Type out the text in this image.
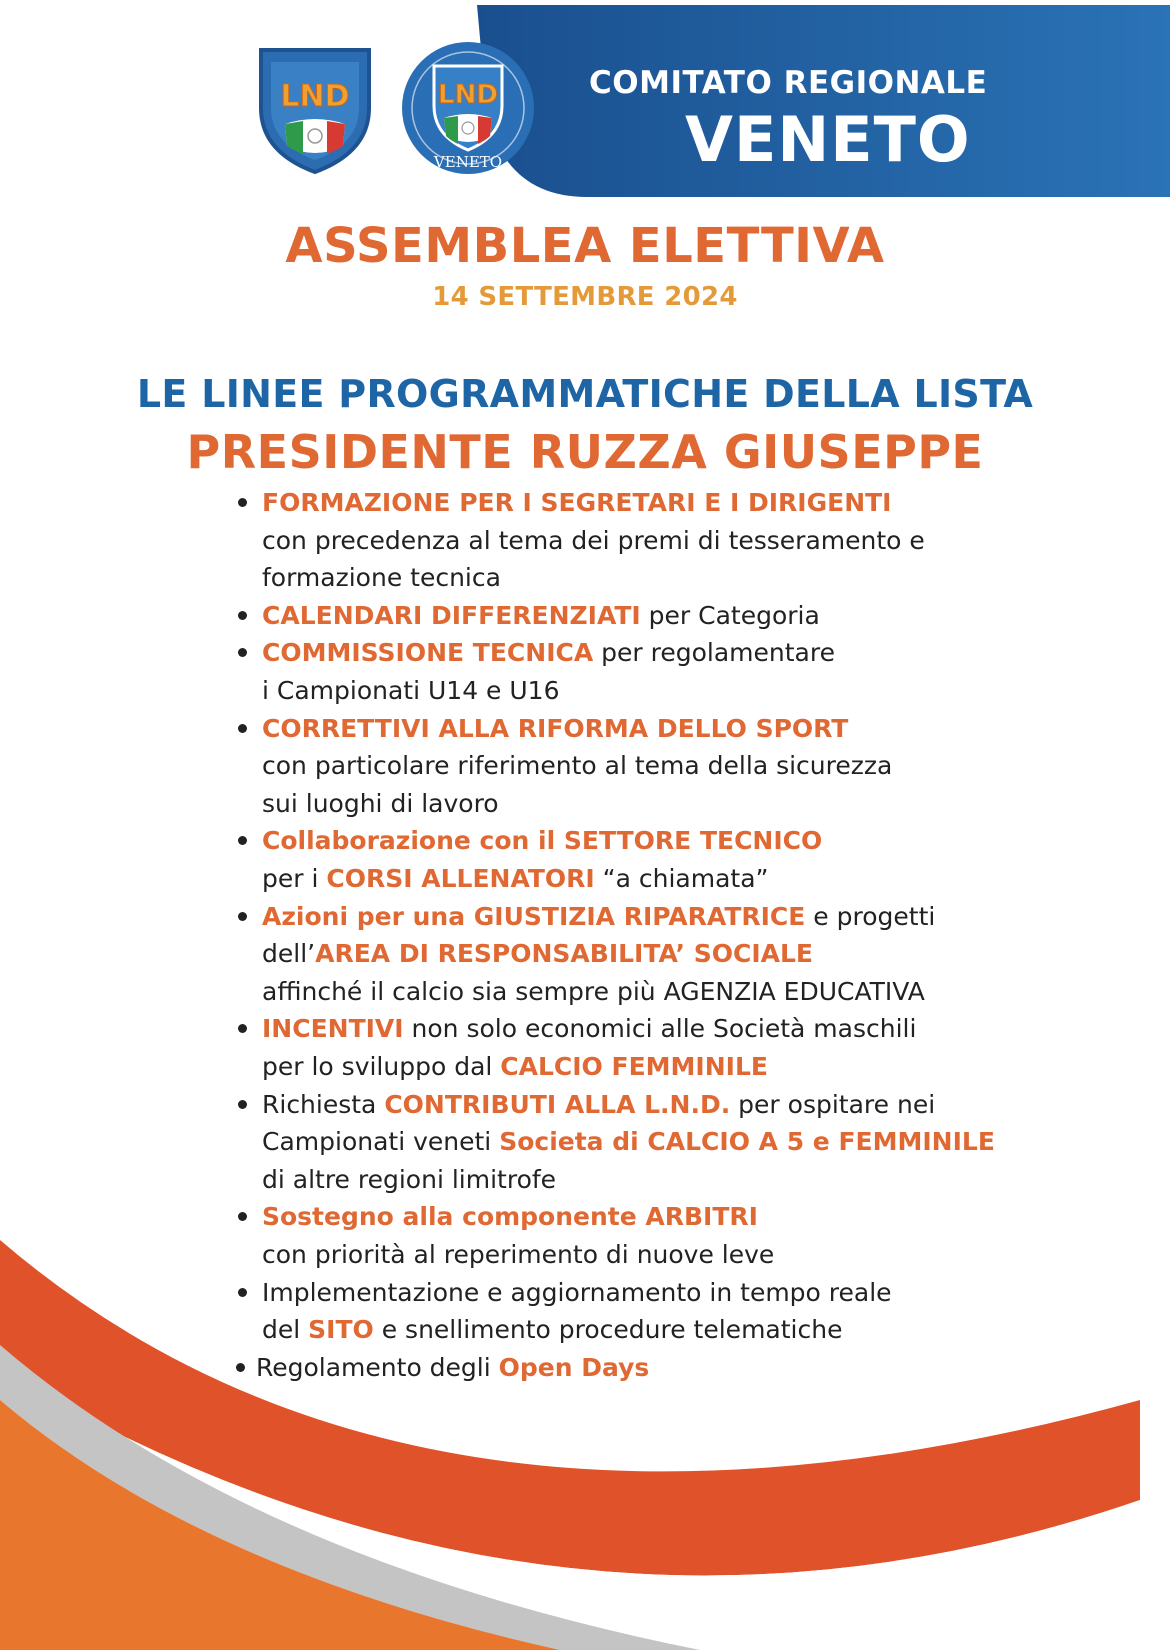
COMITATO REGIONALE
VENETO
LND	LND
VENETO
ASSEMBLEA ELETTIVA
14 SETTEMBRE 2024
LE LINEE PROGRAMMATICHE DELLA LISTA
PRESIDENTE RUZZA GIUSEPPE
FORMAZIONE PER I SEGRETARI E I DIRIGENTI
con precedenza al tema dei premi di tesseramento e
formazione tecnica
CALENDARI DIFFERENZIATI per Categoria
COMMISSIONE TECNICA per regolamentare
i Campionati U14 e U16
CORRETTIVI ALLA RIFORMA DELLO SPORT
con particolare riferimento al tema della sicurezza
sui luoghi di lavoro
Collaborazione con il SETTORE TECNICO
per i CORSI ALLENATORI “a chiamata”
Azioni per una GIUSTIZIA RIPARATRICE e progetti
dell’AREA DI RESPONSABILITA’ SOCIALE
affinché il calcio sia sempre più AGENZIA EDUCATIVA
INCENTIVI non solo economici alle Società maschili
per lo sviluppo dal CALCIO FEMMINILE
Richiesta CONTRIBUTI ALLA L.N.D. per ospitare nei
Campionati veneti Societa di CALCIO A 5 e FEMMINILE
di altre regioni limitrofe
Sostegno alla componente ARBITRI
con priorità al reperimento di nuove leve
Implementazione e aggiornamento in tempo reale
del SITO e snellimento procedure telematiche
Regolamento degli Open Days
